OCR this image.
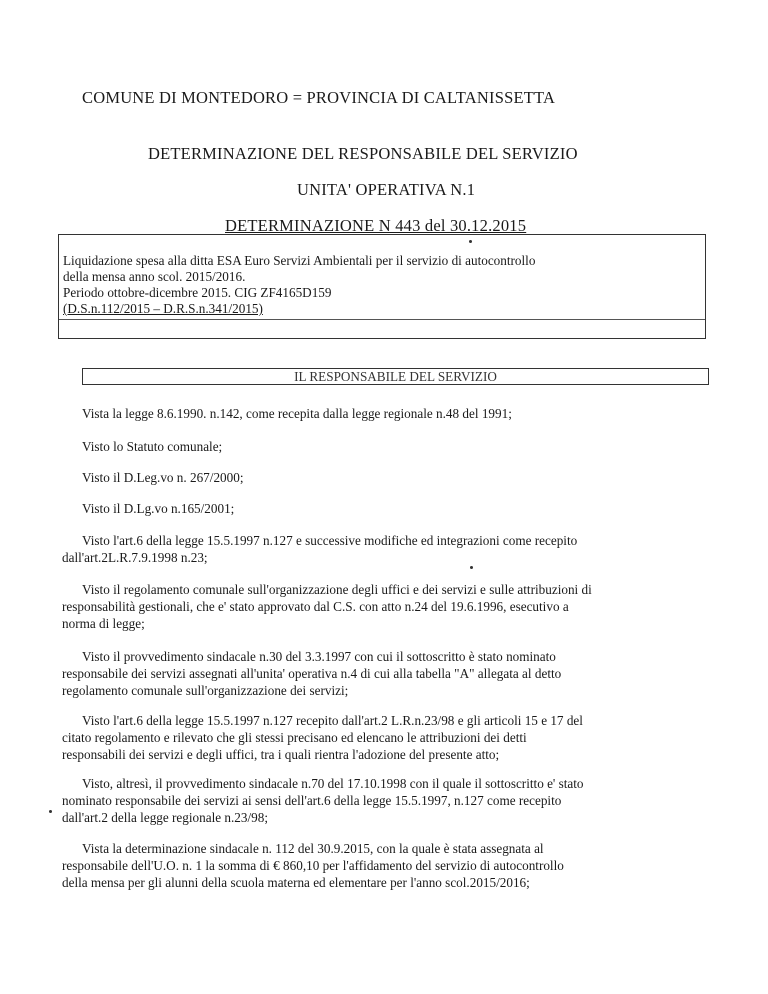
COMUNE DI MONTEDORO = PROVINCIA DI CALTANISSETTA
DETERMINAZIONE DEL RESPONSABILE DEL SERVIZIO
UNITA' OPERATIVA N.1
DETERMINAZIONE N 443 del 30.12.2015

Liquidazione spesa alla ditta ESA Euro Servizi Ambientali per il servizio di autocontrollo

della mensa anno scol. 2015/2016.

Periodo ottobre-dicembre 2015. CIG ZF4165D159

(D.S.n.112/2015 – D.R.S.n.341/2015)

IL RESPONSABILE DEL SERVIZIO

Vista la legge 8.6.1990. n.142, come recepita dalla legge regionale n.48 del 1991;

Visto lo Statuto comunale;

Visto il D.Leg.vo n. 267/2000;

Visto il D.Lg.vo n.165/2001;

Visto l'art.6 della legge 15.5.1997 n.127 e successive modifiche ed integrazioni come recepito

dall'art.2L.R.7.9.1998 n.23;

Visto il regolamento comunale sull'organizzazione degli uffici e dei servizi e sulle attribuzioni di

responsabilità gestionali, che e' stato approvato dal C.S. con atto n.24 del 19.6.1996, esecutivo a

norma di legge;

Visto il provvedimento sindacale n.30 del 3.3.1997 con cui il sottoscritto è stato nominato

responsabile dei servizi assegnati all'unita' operativa n.4 di cui alla tabella "A" allegata al detto

regolamento comunale sull'organizzazione dei servizi;

Visto l'art.6 della legge 15.5.1997 n.127 recepito dall'art.2 L.R.n.23/98 e gli articoli 15 e 17 del

citato regolamento e rilevato che gli stessi precisano ed elencano le attribuzioni dei detti

responsabili dei servizi e degli uffici, tra i quali rientra l'adozione del presente atto;

Visto, altresì, il provvedimento sindacale n.70 del 17.10.1998 con il quale il sottoscritto e' stato

nominato responsabile dei servizi ai sensi dell'art.6 della legge 15.5.1997, n.127 come recepito

dall'art.2 della legge regionale n.23/98;

Vista la determinazione sindacale n. 112 del 30.9.2015, con la quale è stata assegnata al

responsabile dell'U.O. n. 1 la somma di € 860,10 per l'affidamento del servizio di autocontrollo

della mensa per gli alunni della scuola materna ed elementare per l'anno scol.2015/2016;
